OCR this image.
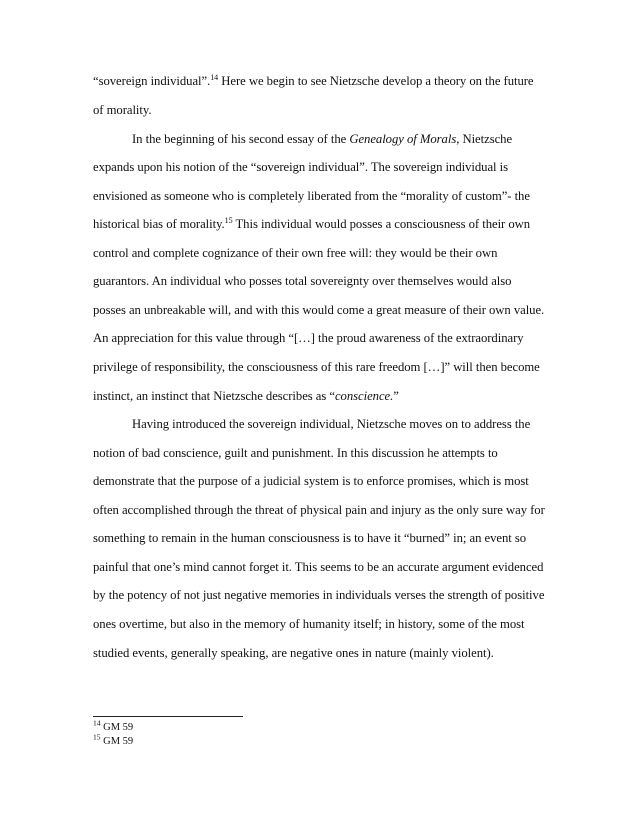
“sovereign individual”.$^{14}$ Here we begin to see Nietzsche develop a theory on the future
of morality.
In the beginning of his second essay of the Genealogy of Morals, Nietzsche
expands upon his notion of the “sovereign individual”. The sovereign individual is
envisioned as someone who is completely liberated from the “morality of custom”- the
historical bias of morality.$^{15}$ This individual would posses a consciousness of their own
control and complete cognizance of their own free will: they would be their own
guarantors. An individual who posses total sovereignty over themselves would also
posses an unbreakable will, and with this would come a great measure of their own value.
An appreciation for this value through “[…] the proud awareness of the extraordinary
privilege of responsibility, the consciousness of this rare freedom […]” will then become
instinct, an instinct that Nietzsche describes as “conscience.”
Having introduced the sovereign individual, Nietzsche moves on to address the
notion of bad conscience, guilt and punishment. In this discussion he attempts to
demonstrate that the purpose of a judicial system is to enforce promises, which is most
often accomplished through the threat of physical pain and injury as the only sure way for
something to remain in the human consciousness is to have it “burned” in; an event so
painful that one’s mind cannot forget it. This seems to be an accurate argument evidenced
by the potency of not just negative memories in individuals verses the strength of positive
ones overtime, but also in the memory of humanity itself; in history, some of the most
studied events, generally speaking, are negative ones in nature (mainly violent).
$^{14}$ GM 59
$^{15}$ GM 59
